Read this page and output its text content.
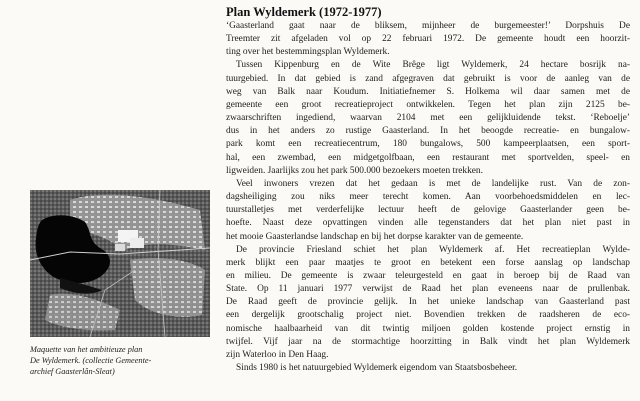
Maquette van het ambitieuze plan
De Wyldemerk. (collectie Gemeente-
archief Gaasterlân-Sleat)
Plan Wyldemerk (1972-1977)
‘Gaasterland gaat naar de bliksem, mijnheer de burgemeester!’ Dorpshuis De
Treemter zit afgeladen vol op 22 februari 1972. De gemeente houdt een hoorzit-
ting over het bestemmingsplan Wyldemerk.
Tussen Kippenburg en de Wite Brêge ligt Wyldemerk, 24 hectare bosrijk na-
tuurgebied. In dat gebied is zand afgegraven dat gebruikt is voor de aanleg van de
weg van Balk naar Koudum. Initiatiefnemer S. Holkema wil daar samen met de
gemeente een groot recreatieproject ontwikkelen. Tegen het plan zijn 2125 be-
zwaarschriften ingediend, waarvan 2104 met een gelijkluidende tekst. ‘Reboelje’
dus in het anders zo rustige Gaasterland. In het beoogde recreatie- en bungalow-
park komt een recreatiecentrum, 180 bungalows, 500 kampeerplaatsen, een sport-
hal, een zwembad, een midgetgolfbaan, een restaurant met sportvelden, speel- en
ligweiden. Jaarlijks zou het park 500.000 bezoekers moeten trekken.
Veel inwoners vrezen dat het gedaan is met de landelijke rust. Van de zon-
dagsheiliging zou niks meer terecht komen. Aan voorbehoedsmiddelen en lec-
tuurstalletjes met verderfelijke lectuur heeft de gelovige Gaasterlander geen be-
hoefte. Naast deze opvattingen vinden alle tegenstanders dat het plan niet past in
het mooie Gaasterlandse landschap en bij het dorpse karakter van de gemeente.
De provincie Friesland schiet het plan Wyldemerk af. Het recreatieplan Wylde-
merk blijkt een paar maatjes te groot en betekent een forse aanslag op landschap
en milieu. De gemeente is zwaar teleurgesteld en gaat in beroep bij de Raad van
State. Op 11 januari 1977 verwijst de Raad het plan eveneens naar de prullenbak.
De Raad geeft de provincie gelijk. In het unieke landschap van Gaasterland past
een dergelijk grootschalig project niet. Bovendien trekken de raadsheren de eco-
nomische haalbaarheid van dit twintig miljoen golden kostende project ernstig in
twijfel. Vijf jaar na de stormachtige hoorzitting in Balk vindt het plan Wyldemerk
zijn Waterloo in Den Haag.
Sinds 1980 is het natuurgebied Wyldemerk eigendom van Staatsbosbeheer.
